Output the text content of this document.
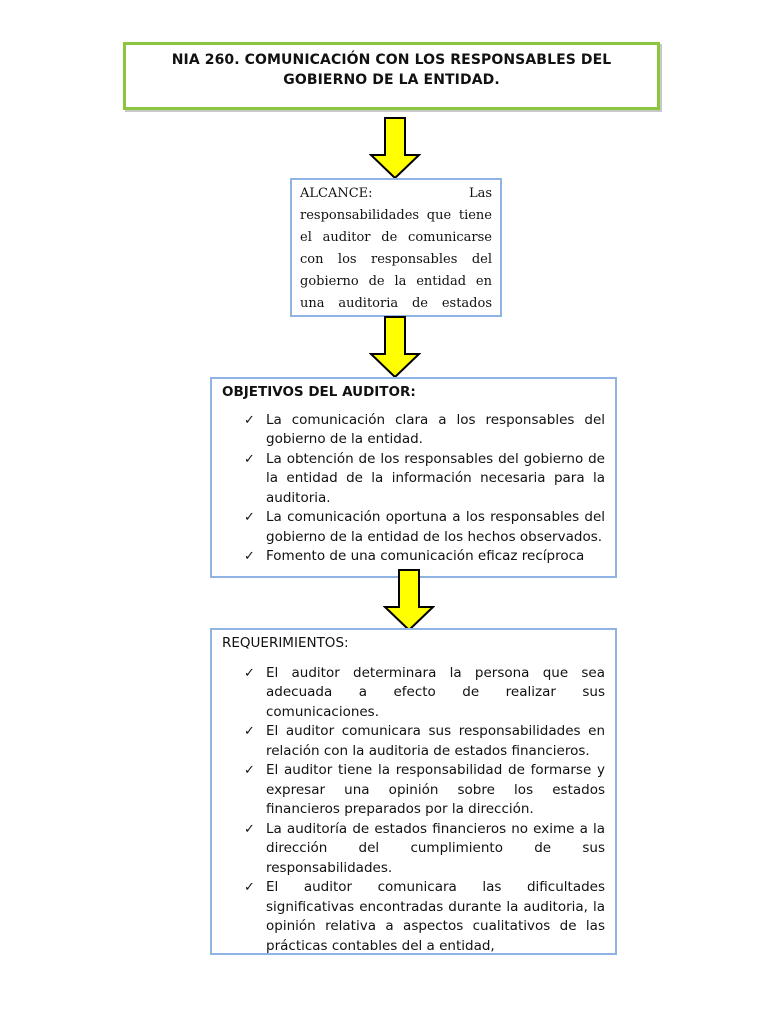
NIA 260. COMUNICACIÓN CON LOS RESPONSABLES DEL
GOBIERNO DE LA ENTIDAD.
ALCANCE:	Las
responsabilidades que tiene
el auditor de comunicarse
con los responsables del
gobierno de la entidad en
una auditoria de estados
OBJETIVOS DEL AUDITOR:
✓ La comunicación clara a los responsables del gobierno de la entidad.
✓ La obtención de los responsables del gobierno de la entidad de la información necesaria para la auditoria.
✓ La comunicación oportuna a los responsables del gobierno de la entidad de los hechos observados.
✓ Fomento de una comunicación eficaz recíproca
REQUERIMIENTOS:
✓ El auditor determinara la persona que sea adecuada a efecto de realizar sus comunicaciones.
✓ El auditor comunicara sus responsabilidades en relación con la auditoria de estados financieros.
✓ El auditor tiene la responsabilidad de formarse y expresar una opinión sobre los estados financieros preparados por la dirección.
✓ La auditoría de estados financieros no exime a la dirección del cumplimiento de sus responsabilidades.
✓ El auditor comunicara las dificultades significativas encontradas durante la auditoria, la opinión relativa a aspectos cualitativos de las prácticas contables del a entidad,
